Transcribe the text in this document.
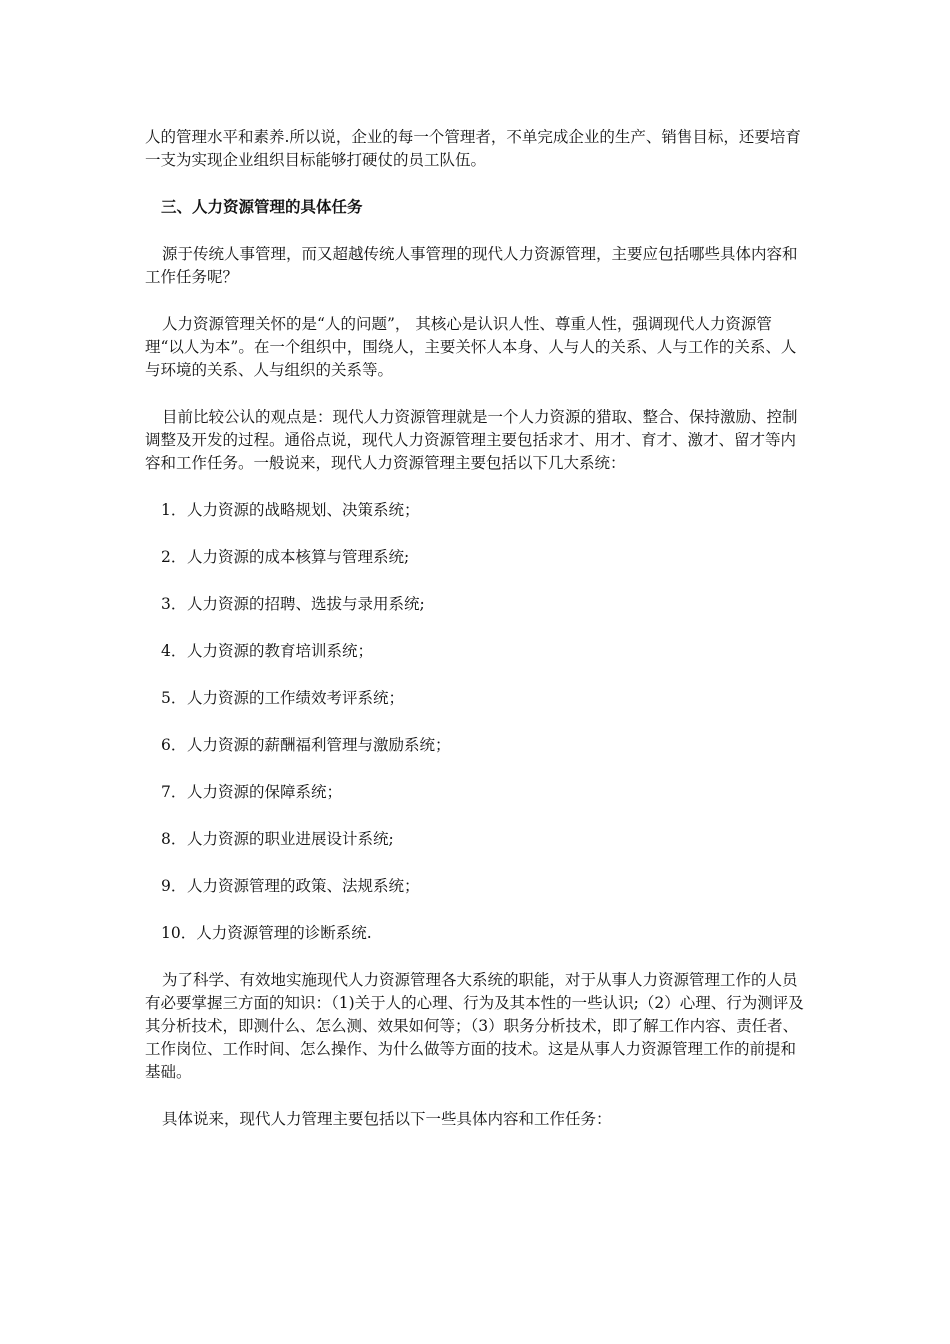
人的管理水平和素养.所以说，企业的每一个管理者，不单完成企业的生产、销售目标，还要培育一支为实现企业组织目标能够打硬仗的员工队伍。

三、人力资源管理的具体任务

源于传统人事管理，而又超越传统人事管理的现代人力资源管理，主要应包括哪些具体内容和工作任务呢？

人力资源管理关怀的是“人的问题”， 其核心是认识人性、尊重人性，强调现代人力资源管理“以人为本”。在一个组织中，围绕人，主要关怀人本身、人与人的关系、人与工作的关系、人与环境的关系、人与组织的关系等。

目前比较公认的观点是：现代人力资源管理就是一个人力资源的猎取、整合、保持激励、控制调整及开发的过程。通俗点说，现代人力资源管理主要包括求才、用才、育才、激才、留才等内容和工作任务。一般说来，现代人力资源管理主要包括以下几大系统：

1．人力资源的战略规划、决策系统；
2．人力资源的成本核算与管理系统;
3．人力资源的招聘、选拔与录用系统;
4．人力资源的教育培训系统；
5．人力资源的工作绩效考评系统；
6．人力资源的薪酬福利管理与激励系统；
7．人力资源的保障系统；
8．人力资源的职业进展设计系统;
9．人力资源管理的政策、法规系统；
10．人力资源管理的诊断系统.

为了科学、有效地实施现代人力资源管理各大系统的职能，对于从事人力资源管理工作的人员有必要掌握三方面的知识：（1)关于人的心理、行为及其本性的一些认识;（2）心理、行为测评及其分析技术，即测什么、怎么测、效果如何等；（3）职务分析技术，即了解工作内容、责任者、工作岗位、工作时间、怎么操作、为什么做等方面的技术。这是从事人力资源管理工作的前提和基础。

具体说来，现代人力管理主要包括以下一些具体内容和工作任务：
